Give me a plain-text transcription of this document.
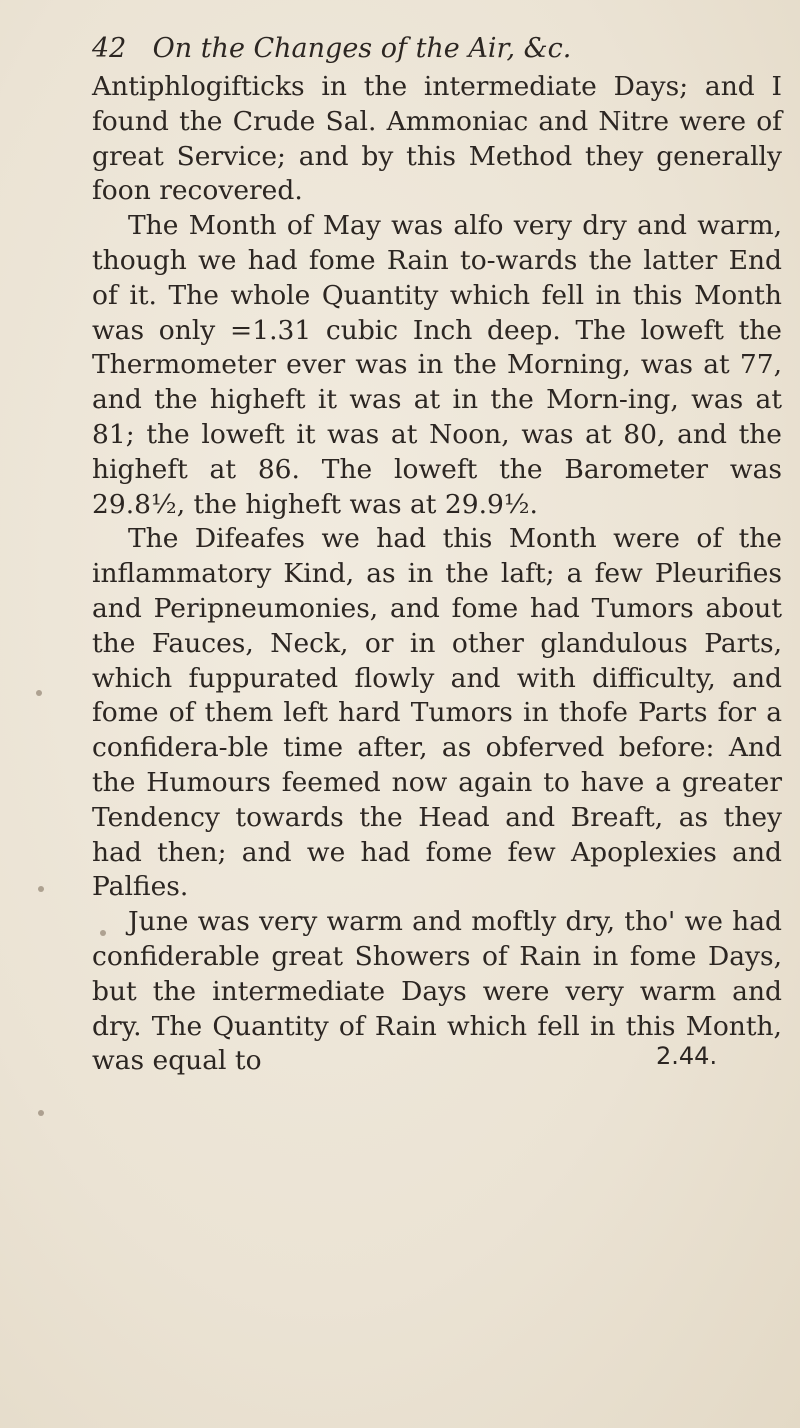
42 On the Changes of the Air, &c.

Antiphlogifticks in the intermediate Days; and I found the Crude Sal. Ammoniac and Nitre were of great Service; and by this Method they generally foon recovered.

The Month of May was alfo very dry and warm, though we had fome Rain to-wards the latter End of it. The whole Quantity which fell in this Month was only =1.31 cubic Inch deep. The loweft the Thermometer ever was in the Morning, was at 77, and the higheft it was at in the Morn-ing, was at 81; the loweft it was at Noon, was at 80, and the higheft at 86. The loweft the Barometer was 29.8½, the higheft was at 29.9½.

The Difeafes we had this Month were of the inflammatory Kind, as in the laft; a few Pleurifies and Peripneumonies, and fome had Tumors about the Fauces, Neck, or in other glandulous Parts, which fuppurated flowly and with difficulty, and fome of them left hard Tumors in thofe Parts for a confidera-ble time after, as obferved before: And the Humours feemed now again to have a greater Tendency towards the Head and Breaft, as they had then; and we had fome few Apoplexies and Palfies.

June was very warm and moftly dry, tho' we had confiderable great Showers of Rain in fome Days, but the intermediate Days were very warm and dry. The Quantity of Rain which fell in this Month, was equal to	2.44.
